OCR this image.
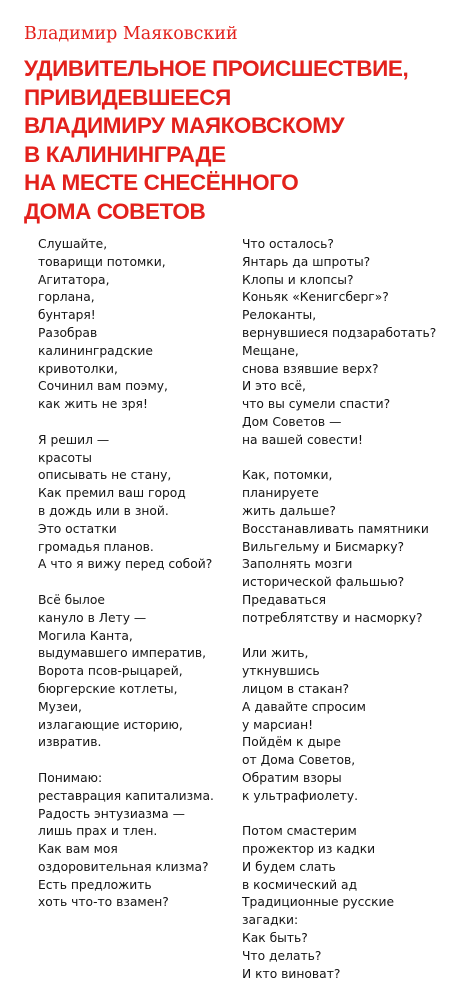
Владимир Маяковский
УДИВИТЕЛЬНОЕ ПРОИСШЕСТВИЕ,
ПРИВИДЕВШЕЕСЯ
ВЛАДИМИРУ МАЯКОВСКОМУ
В КАЛИНИНГРАДЕ
НА МЕСТЕ СНЕСЁННОГО
ДОМА СОВЕТОВ
Слушайте,
товарищи потомки,
Агитатора,
горлана,
бунтаря!
Разобрав
калининградские
кривотолки,
Сочинил вам поэму,
как жить не зря!
Я решил —
красоты
описывать не стану,
Как премил ваш город
в дождь или в зной.
Это остатки
громадья планов.
А что я вижу перед собой?
Всё былое
кануло в Лету —
Могила Канта,
выдумавшего императив,
Ворота псов-рыцарей,
бюргерские котлеты,
Музеи,
излагающие историю,
извратив.
Понимаю:
реставрация капитализма.
Радость энтузиазма —
лишь прах и тлен.
Как вам моя
оздоровительная клизма?
Есть предложить
хоть что-то взамен?
Что осталось?
Янтарь да шпроты?
Клопы и клопсы?
Коньяк «Кенигсберг»?
Релоканты,
вернувшиеся подзаработать?
Мещане,
снова взявшие верх?
И это всё,
что вы сумели спасти?
Дом Советов —
на вашей совести!
Как, потомки,
планируете
жить дальше?
Восстанавливать памятники
Вильгельму и Бисмарку?
Заполнять мозги
исторической фальшью?
Предаваться
потреблятству и насморку?
Или жить,
уткнувшись
лицом в стакан?
А давайте спросим
у марсиан!
Пойдём к дыре
от Дома Советов,
Обратим взоры
к ультрафиолету.
Потом смастерим
прожектор из кадки
И будем слать
в космический ад
Традиционные русские
загадки:
Как быть?
Что делать?
И кто виноват?
